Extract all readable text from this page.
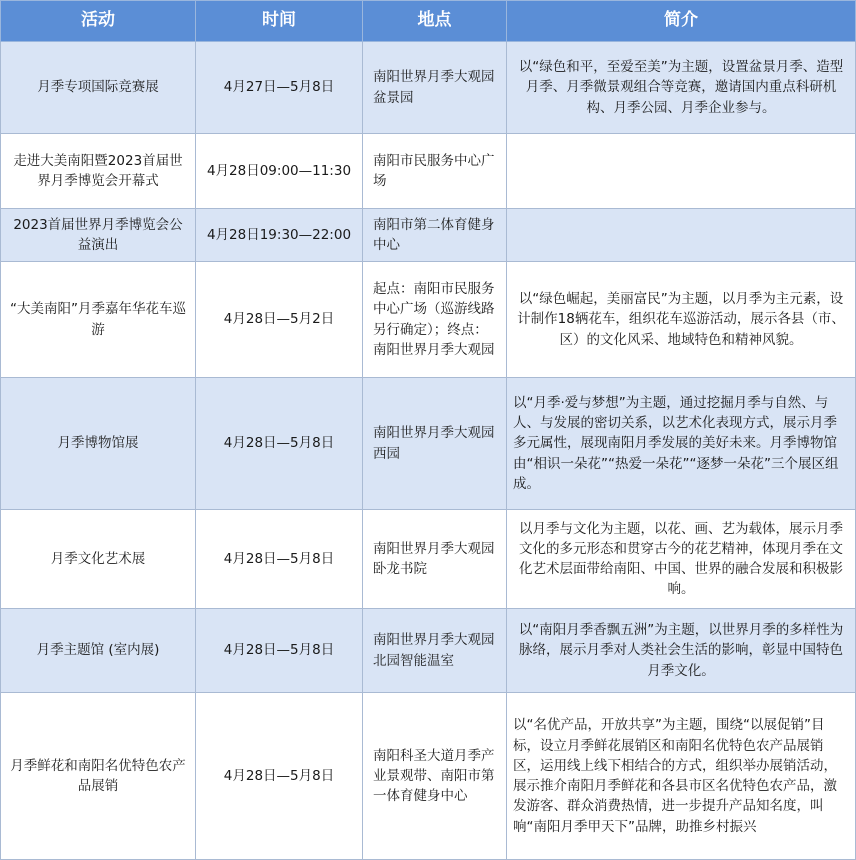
活动	时间	地点	简介
月季专项国际竞赛展	4月27日—5月8日	南阳世界月季大观园盆景园	以“绿色和平，至爱至美”为主题，设置盆景月季、造型月季、月季微景观组合等竞赛，邀请国内重点科研机构、月季公园、月季企业参与。

走进大美南阳暨2023首届世界月季博览会开幕式	4月28日09:00—11:30	南阳市民服务中心广场	
2023首届世界月季博览会公益演出	4月28日19:30—22:00	南阳市第二体育健身中心	
“大美南阳”月季嘉年华花车巡游	4月28日—5月2日	起点：南阳市民服务中心广场（巡游线路另行确定）；终点：南阳世界月季大观园	以“绿色崛起，美丽富民”为主题，以月季为主元素，设计制作18辆花车，组织花车巡游活动，展示各县（市、区）的文化风采、地域特色和精神风貌。

月季博物馆展	4月28日—5月8日	南阳世界月季大观园西园	以“月季·爱与梦想”为主题，通过挖掘月季与自然、与人、与发展的密切关系，以艺术化表现方式，展示月季多元属性，展现南阳月季发展的美好未来。月季博物馆由“相识一朵花”“热爱一朵花”“逐梦一朵花”三个展区组成。

月季文化艺术展	4月28日—5月8日	南阳世界月季大观园卧龙书院	以月季与文化为主题，以花、画、艺为载体，展示月季文化的多元形态和贯穿古今的花艺精神，体现月季在文化艺术层面带给南阳、中国、世界的融合发展和积极影响。

月季主题馆 (室内展)	4月28日—5月8日	南阳世界月季大观园北园智能温室	以“南阳月季香飘五洲”为主题，以世界月季的多样性为脉络，展示月季对人类社会生活的影响，彰显中国特色月季文化。

月季鲜花和南阳名优特色农产品展销	4月28日—5月8日	南阳科圣大道月季产业景观带、南阳市第一体育健身中心	以“名优产品，开放共享”为主题，围绕“以展促销”目标，设立月季鲜花展销区和南阳名优特色农产品展销区，运用线上线下相结合的方式，组织举办展销活动，展示推介南阳月季鲜花和各县市区名优特色农产品，激发游客、群众消费热情，进一步提升产品知名度，叫响“南阳月季甲天下”品牌，助推乡村振兴
